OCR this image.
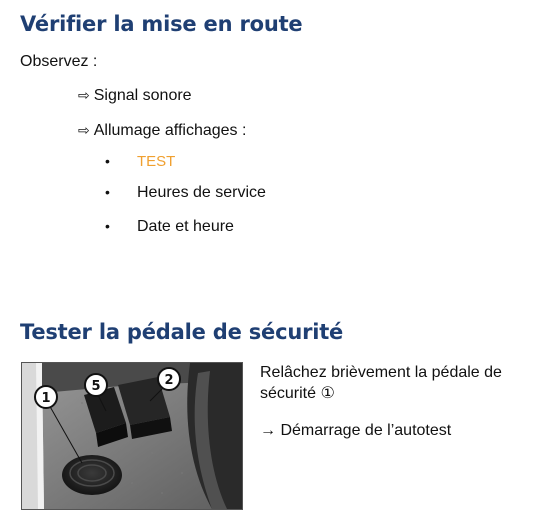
Vérifier la mise en route
Observez :
⇨ Signal sonore
⇨ Allumage affichages :
• TEST
• Heures de service
• Date et heure
Tester la pédale de sécurité
1
5	2	Relâchez brièvement la pédale de sécurité ①
→ Démarrage de l’autotest
